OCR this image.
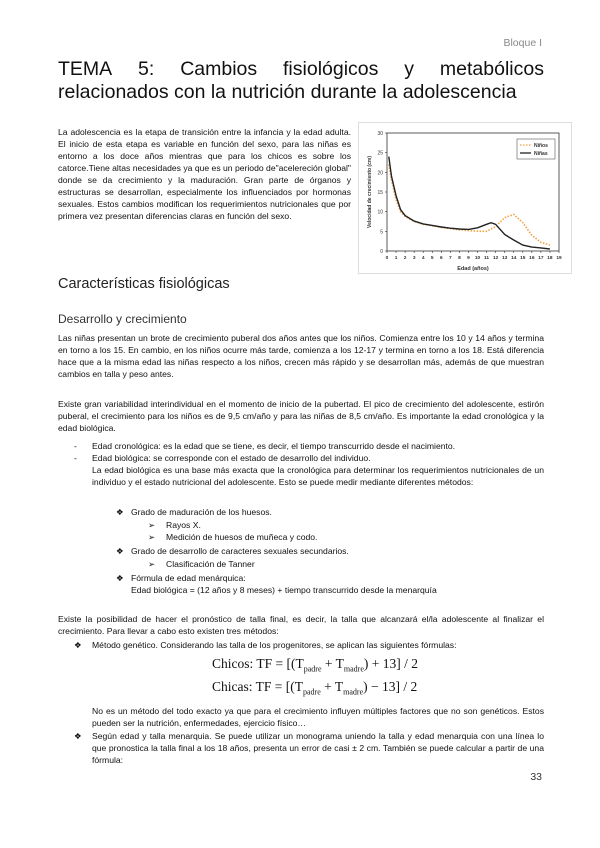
Bloque I
TEMA 5: Cambios fisiológicos y metabólicos
relacionados con la nutrición durante la adolescencia
La adolescencia es la etapa de transición entre la infancia y la edad adulta. El inicio de esta etapa es variable en función del sexo, para las niñas es entorno a los doce años mientras que para los chicos es sobre los catorce.Tiene altas necesidades ya que es un periodo de"acelereción global" donde se da crecimiento y la maduración. Gran parte de órganos y estructuras se desarrollan, especialmente los influenciados por hormonas sexuales. Estos cambios modifican los requerimientos nutricionales que por primera vez presentan diferencias claras en función del sexo.
0
5
10
15
20
25
30
0 1 2 3 4 5 6 7 8 9 10 11 12 13 14 15 16 17 18 19
Edad (años)
Velocidad de crecimiento (cm)
Niños
Niñas
Características fisiológicas
Desarrollo y crecimiento
Las niñas presentan un brote de crecimiento puberal dos años antes que los niños. Comienza entre los 10 y 14 años y termina en torno a los 15. En cambio, en los niños ocurre más tarde, comienza a los 12-17 y termina en torno a los 18. Está diferencia hace que a la misma edad las niñas respecto a los niños, crecen más rápido y se desarrollan más, además de que muestran cambios en talla y peso antes.
Existe gran variabilidad interindividual en el momento de inicio de la pubertad. El pico de crecimiento del adolescente, estirón puberal, el crecimiento para los niños es de 9,5 cm/año y para las niñas de 8,5 cm/año. Es importante la edad cronológica y la edad biológica.
- Edad cronológica: es la edad que se tiene, es decir, el tiempo transcurrido desde el nacimiento.
- Edad biológica: se corresponde con el estado de desarrollo del individuo.
La edad biológica es una base más exacta que la cronológica para determinar los requerimientos nutricionales de un individuo y el estado nutricional del adolescente. Esto se puede medir mediante diferentes métodos:
❖ Grado de maduración de los huesos.
➢ Rayos X.
➢ Medición de huesos de muñeca y codo.
❖ Grado de desarrollo de caracteres sexuales secundarios.
➢ Clasificación de Tanner
❖ Fórmula de edad menárquica:
Edad biológica = (12 años y 8 meses) + tiempo transcurrido desde la menarquía
Existe la posibilidad de hacer el pronóstico de talla final, es decir, la talla que alcanzará el/la adolescente al finalizar el crecimiento. Para llevar a cabo esto existen tres métodos:
❖ Método genético. Considerando las talla de los progenitores, se aplican las siguientes fórmulas:
Chicos: TF = $[(T_{padre} + T_{madre}) + 13] / 2$
Chicas: TF = $[(T_{padre} + T_{madre}) - 13] / 2$
No es un método del todo exacto ya que para el crecimiento influyen múltiples factores que no son genéticos. Estos pueden ser la nutrición, enfermedades, ejercicio físico…
❖ Según edad y talla menarquia. Se puede utilizar un monograma uniendo la talla y edad menarquia con una línea lo que pronostica la talla final a los 18 años, presenta un error de casi ± 2 cm. También se puede calcular a partir de una fórmula:
33
